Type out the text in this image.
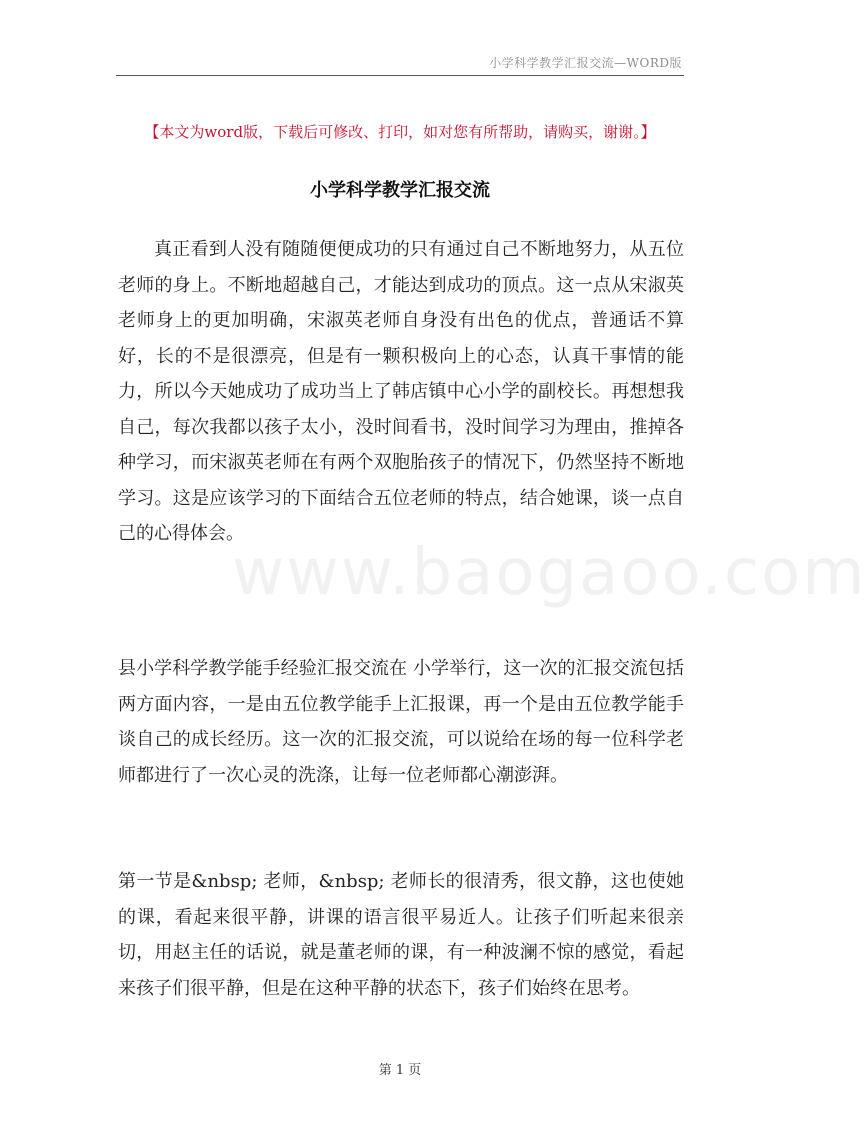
小学科学教学汇报交流—WORD版
【本文为word版，下载后可修改、打印，如对您有所帮助，请购买，谢谢。】
小学科学教学汇报交流

真正看到人没有随随便便成功的只有通过自己不断地努力，从五位老师的身上。不断地超越自己，才能达到成功的顶点。这一点从宋淑英老师身上的更加明确，宋淑英老师自身没有出色的优点，普通话不算好，长的不是很漂亮，但是有一颗积极向上的心态，认真干事情的能力，所以今天她成功了成功当上了韩店镇中心小学的副校长。再想想我自己，每次我都以孩子太小，没时间看书，没时间学习为理由，推掉各种学习，而宋淑英老师在有两个双胞胎孩子的情况下，仍然坚持不断地学习。这是应该学习的下面结合五位老师的特点，结合她课，谈一点自己的心得体会。

县小学科学教学能手经验汇报交流在 小学举行，这一次的汇报交流包括两方面内容，一是由五位教学能手上汇报课，再一个是由五位教学能手谈自己的成长经历。这一次的汇报交流，可以说给在场的每一位科学老师都进行了一次心灵的洗涤，让每一位老师都心潮澎湃。

第一节是&nbsp; 老师，&nbsp; 老师长的很清秀，很文静，这也使她的课，看起来很平静，讲课的语言很平易近人。让孩子们听起来很亲切，用赵主任的话说，就是董老师的课，有一种波澜不惊的感觉，看起来孩子们很平静，但是在这种平静的状态下，孩子们始终在思考。

www.baogaoo.com
第 1 页
